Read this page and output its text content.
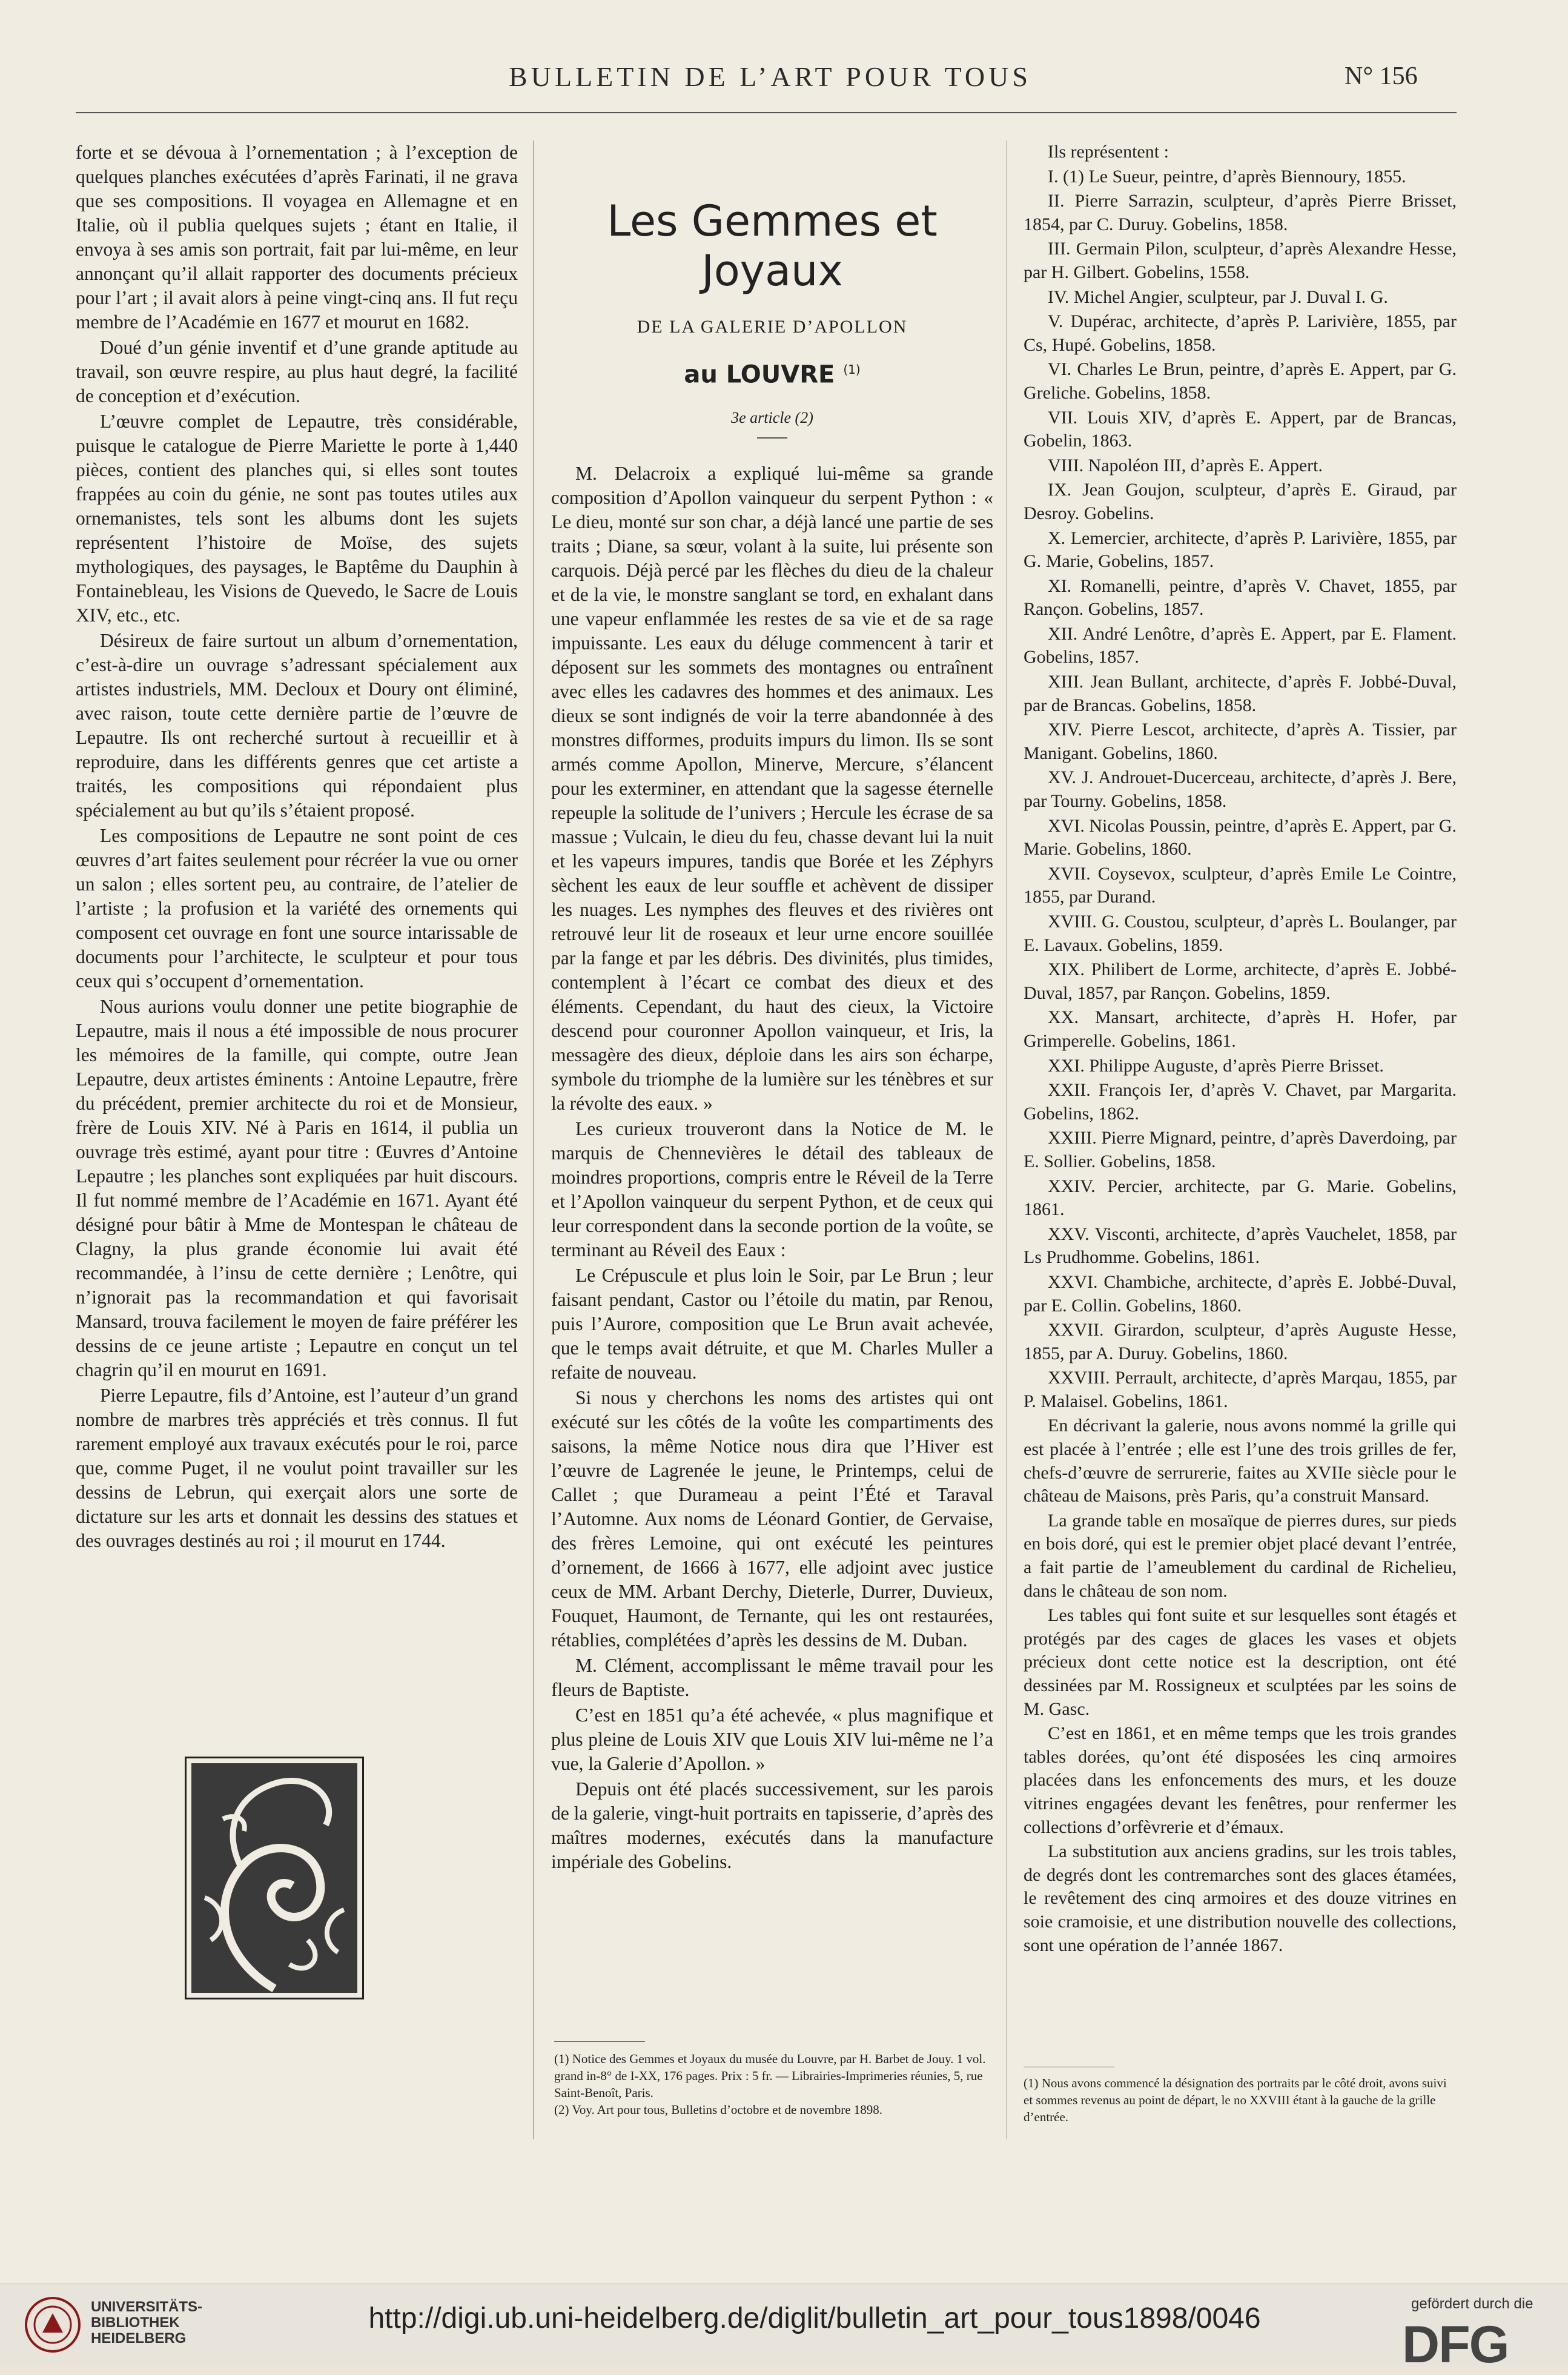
BULLETIN DE L’ART POUR TOUS	N° 156

forte et se dévoua à l’ornementation ; à l’exception de quelques planches exécutées d’après Farinati, il ne grava que ses compositions. Il voyagea en Allemagne et en Italie, où il publia quelques sujets ; étant en Italie, il envoya à ses amis son portrait, fait par lui-même, en leur annonçant qu’il allait rapporter des documents précieux pour l’art ; il avait alors à peine vingt-cinq ans. Il fut reçu membre de l’Académie en 1677 et mourut en 1682.

Doué d’un génie inventif et d’une grande aptitude au travail, son œuvre respire, au plus haut degré, la facilité de conception et d’exécution.

L’œuvre complet de Lepautre, très considérable, puisque le catalogue de Pierre Mariette le porte à 1,440 pièces, contient des planches qui, si elles sont toutes frappées au coin du génie, ne sont pas toutes utiles aux ornemanistes, tels sont les albums dont les sujets représentent l’histoire de Moïse, des sujets mythologiques, des paysages, le Baptême du Dauphin à Fontainebleau, les Visions de Quevedo, le Sacre de Louis XIV, etc., etc.

Désireux de faire surtout un album d’ornementation, c’est-à-dire un ouvrage s’adressant spécialement aux artistes industriels, MM. Decloux et Doury ont éliminé, avec raison, toute cette dernière partie de l’œuvre de Lepautre. Ils ont recherché surtout à recueillir et à reproduire, dans les différents genres que cet artiste a traités, les compositions qui répondaient plus spécialement au but qu’ils s’étaient proposé.

Les compositions de Lepautre ne sont point de ces œuvres d’art faites seulement pour récréer la vue ou orner un salon ; elles sortent peu, au contraire, de l’atelier de l’artiste ; la profusion et la variété des ornements qui composent cet ouvrage en font une source intarissable de documents pour l’architecte, le sculpteur et pour tous ceux qui s’occupent d’ornementation.

Nous aurions voulu donner une petite biographie de Lepautre, mais il nous a été impossible de nous procurer les mémoires de la famille, qui compte, outre Jean Lepautre, deux artistes éminents : Antoine Lepautre, frère du précédent, premier architecte du roi et de Monsieur, frère de Louis XIV. Né à Paris en 1614, il publia un ouvrage très estimé, ayant pour titre : Œuvres d’Antoine Lepautre ; les planches sont expliquées par huit discours. Il fut nommé membre de l’Académie en 1671. Ayant été désigné pour bâtir à Mme de Montespan le château de Clagny, la plus grande économie lui avait été recommandée, à l’insu de cette dernière ; Lenôtre, qui n’ignorait pas la recommandation et qui favorisait Mansard, trouva facilement le moyen de faire préférer les dessins de ce jeune artiste ; Lepautre en conçut un tel chagrin qu’il en mourut en 1691.

Pierre Lepautre, fils d’Antoine, est l’auteur d’un grand nombre de marbres très appréciés et très connus. Il fut rarement employé aux travaux exécutés pour le roi, parce que, comme Puget, il ne voulut point travailler sur les dessins de Lebrun, qui exerçait alors une sorte de dictature sur les arts et donnait les dessins des statues et des ouvrages destinés au roi ; il mourut en 1744.

Les Gemmes et Joyaux
DE LA GALERIE D’APOLLON
au LOUVRE $^{(1)}$
3e article (2)

M. Delacroix a expliqué lui-même sa grande composition d’Apollon vainqueur du serpent Python : « Le dieu, monté sur son char, a déjà lancé une partie de ses traits ; Diane, sa sœur, volant à la suite, lui présente son carquois. Déjà percé par les flèches du dieu de la chaleur et de la vie, le monstre sanglant se tord, en exhalant dans une vapeur enflammée les restes de sa vie et de sa rage impuissante. Les eaux du déluge commencent à tarir et déposent sur les sommets des montagnes ou entraînent avec elles les cadavres des hommes et des animaux. Les dieux se sont indignés de voir la terre abandonnée à des monstres difformes, produits impurs du limon. Ils se sont armés comme Apollon, Minerve, Mercure, s’élancent pour les exterminer, en attendant que la sagesse éternelle repeuple la solitude de l’univers ; Hercule les écrase de sa massue ; Vulcain, le dieu du feu, chasse devant lui la nuit et les vapeurs impures, tandis que Borée et les Zéphyrs sèchent les eaux de leur souffle et achèvent de dissiper les nuages. Les nymphes des fleuves et des rivières ont retrouvé leur lit de roseaux et leur urne encore souillée par la fange et par les débris. Des divinités, plus timides, contemplent à l’écart ce combat des dieux et des éléments. Cependant, du haut des cieux, la Victoire descend pour couronner Apollon vainqueur, et Iris, la messagère des dieux, déploie dans les airs son écharpe, symbole du triomphe de la lumière sur les ténèbres et sur la révolte des eaux. »

Les curieux trouveront dans la Notice de M. le marquis de Chennevières le détail des tableaux de moindres proportions, compris entre le Réveil de la Terre et l’Apollon vainqueur du serpent Python, et de ceux qui leur correspondent dans la seconde portion de la voûte, se terminant au Réveil des Eaux :

Le Crépuscule et plus loin le Soir, par Le Brun ; leur faisant pendant, Castor ou l’étoile du matin, par Renou, puis l’Aurore, composition que Le Brun avait achevée, que le temps avait détruite, et que M. Charles Muller a refaite de nouveau.

Si nous y cherchons les noms des artistes qui ont exécuté sur les côtés de la voûte les compartiments des saisons, la même Notice nous dira que l’Hiver est l’œuvre de Lagrenée le jeune, le Printemps, celui de Callet ; que Durameau a peint l’Été et Taraval l’Automne. Aux noms de Léonard Gontier, de Gervaise, des frères Lemoine, qui ont exécuté les peintures d’ornement, de 1666 à 1677, elle adjoint avec justice ceux de MM. Arbant Derchy, Dieterle, Durrer, Duvieux, Fouquet, Haumont, de Ternante, qui les ont restaurées, rétablies, complétées d’après les dessins de M. Duban.

M. Clément, accomplissant le même travail pour les fleurs de Baptiste.

C’est en 1851 qu’a été achevée, « plus magnifique et plus pleine de Louis XIV que Louis XIV lui-même ne l’a vue, la Galerie d’Apollon. »

Depuis ont été placés successivement, sur les parois de la galerie, vingt-huit portraits en tapisserie, d’après des maîtres modernes, exécutés dans la manufacture impériale des Gobelins.

(1) Notice des Gemmes et Joyaux du musée du Louvre, par H. Barbet de Jouy. 1 vol. grand in-8° de I-XX, 176 pages. Prix : 5 fr. — Librairies-Imprimeries réunies, 5, rue Saint-Benoît, Paris.
(2) Voy. Art pour tous, Bulletins d’octobre et de novembre 1898.

Ils représentent :

I. (1) Le Sueur, peintre, d’après Biennoury, 1855.

II. Pierre Sarrazin, sculpteur, d’après Pierre Brisset, 1854, par C. Duruy. Gobelins, 1858.

III. Germain Pilon, sculpteur, d’après Alexandre Hesse, par H. Gilbert. Gobelins, 1558.

IV. Michel Angier, sculpteur, par J. Duval I. G.

V. Dupérac, architecte, d’après P. Larivière, 1855, par Cs, Hupé. Gobelins, 1858.

VI. Charles Le Brun, peintre, d’après E. Appert, par G. Greliche. Gobelins, 1858.

VII. Louis XIV, d’après E. Appert, par de Brancas, Gobelin, 1863.

VIII. Napoléon III, d’après E. Appert.

IX. Jean Goujon, sculpteur, d’après E. Giraud, par Desroy. Gobelins.

X. Lemercier, architecte, d’après P. Larivière, 1855, par G. Marie, Gobelins, 1857.

XI. Romanelli, peintre, d’après V. Chavet, 1855, par Rançon. Gobelins, 1857.

XII. André Lenôtre, d’après E. Appert, par E. Flament. Gobelins, 1857.

XIII. Jean Bullant, architecte, d’après F. Jobbé-Duval, par de Brancas. Gobelins, 1858.

XIV. Pierre Lescot, architecte, d’après A. Tissier, par Manigant. Gobelins, 1860.

XV. J. Androuet-Ducerceau, architecte, d’après J. Bere, par Tourny. Gobelins, 1858.

XVI. Nicolas Poussin, peintre, d’après E. Appert, par G. Marie. Gobelins, 1860.

XVII. Coysevox, sculpteur, d’après Emile Le Cointre, 1855, par Durand.

XVIII. G. Coustou, sculpteur, d’après L. Boulanger, par E. Lavaux. Gobelins, 1859.

XIX. Philibert de Lorme, architecte, d’après E. Jobbé-Duval, 1857, par Rançon. Gobelins, 1859.

XX. Mansart, architecte, d’après H. Hofer, par Grimperelle. Gobelins, 1861.

XXI. Philippe Auguste, d’après Pierre Brisset.

XXII. François Ier, d’après V. Chavet, par Margarita. Gobelins, 1862.

XXIII. Pierre Mignard, peintre, d’après Daverdoing, par E. Sollier. Gobelins, 1858.

XXIV. Percier, architecte, par G. Marie. Gobelins, 1861.

XXV. Visconti, architecte, d’après Vauchelet, 1858, par Ls Prudhomme. Gobelins, 1861.

XXVI. Chambiche, architecte, d’après E. Jobbé-Duval, par E. Collin. Gobelins, 1860.

XXVII. Girardon, sculpteur, d’après Auguste Hesse, 1855, par A. Duruy. Gobelins, 1860.

XXVIII. Perrault, architecte, d’après Marqau, 1855, par P. Malaisel. Gobelins, 1861.

En décrivant la galerie, nous avons nommé la grille qui est placée à l’entrée ; elle est l’une des trois grilles de fer, chefs-d’œuvre de serrurerie, faites au XVIIe siècle pour le château de Maisons, près Paris, qu’a construit Mansard.

La grande table en mosaïque de pierres dures, sur pieds en bois doré, qui est le premier objet placé devant l’entrée, a fait partie de l’ameublement du cardinal de Richelieu, dans le château de son nom.

Les tables qui font suite et sur lesquelles sont étagés et protégés par des cages de glaces les vases et objets précieux dont cette notice est la description, ont été dessinées par M. Rossigneux et sculptées par les soins de M. Gasc.

C’est en 1861, et en même temps que les trois grandes tables dorées, qu’ont été disposées les cinq armoires placées dans les enfoncements des murs, et les douze vitrines engagées devant les fenêtres, pour renfermer les collections d’orfèvrerie et d’émaux.

La substitution aux anciens gradins, sur les trois tables, de degrés dont les contremarches sont des glaces étamées, le revêtement des cinq armoires et des douze vitrines en soie cramoisie, et une distribution nouvelle des collections, sont une opération de l’année 1867.

(1) Nous avons commencé la désignation des portraits par le côté droit, avons suivi et sommes revenus au point de départ, le no XXVIII étant à la gauche de la grille d’entrée.
UNIVERSITÄTS-
BIBLIOTHEK
HEIDELBERG
http://digi.ub.uni-heidelberg.de/diglit/bulletin_art_pour_tous1898/0046	gefördert durch die
DFG
